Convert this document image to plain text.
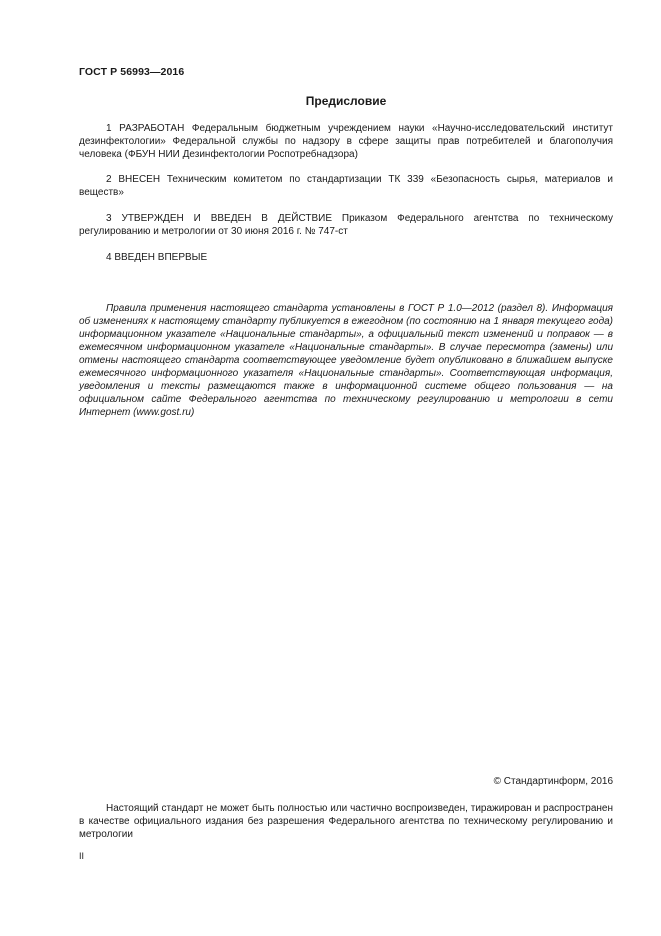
ГОСТ Р 56993—2016
Предисловие

1 РАЗРАБОТАН Федеральным бюджетным учреждением науки «Научно-исследовательский институт дезинфектологии» Федеральной службы по надзору в сфере защиты прав потребителей и благополучия человека (ФБУН НИИ Дезинфектологии Роспотребнадзора)

2 ВНЕСЕН Техническим комитетом по стандартизации ТК 339 «Безопасность сырья, материалов и веществ»

3 УТВЕРЖДЕН И ВВЕДЕН В ДЕЙСТВИЕ Приказом Федерального агентства по техническому регулированию и метрологии от 30 июня 2016 г. № 747-ст

4 ВВЕДЕН ВПЕРВЫЕ

Правила применения настоящего стандарта установлены в ГОСТ Р 1.0—2012 (раздел 8). Информация об изменениях к настоящему стандарту публикуется в ежегодном (по состоянию на 1 января текущего года) информационном указателе «Национальные стандарты», а официальный текст изменений и поправок — в ежемесячном информационном указателе «Национальные стандарты». В случае пересмотра (замены) или отмены настоящего стандарта соответствующее уведомление будет опубликовано в ближайшем выпуске ежемесячного информационного указателя «Национальные стандарты». Соответствующая информация, уведомления и тексты размещаются также в информационной системе общего пользования — на официальном сайте Федерального агентства по техническому регулированию и метрологии в сети Интернет (www.gost.ru)

© Стандартинформ, 2016

Настоящий стандарт не может быть полностью или частично воспроизведен, тиражирован и распространен в качестве официального издания без разрешения Федерального агентства по техническому регулированию и метрологии

II
